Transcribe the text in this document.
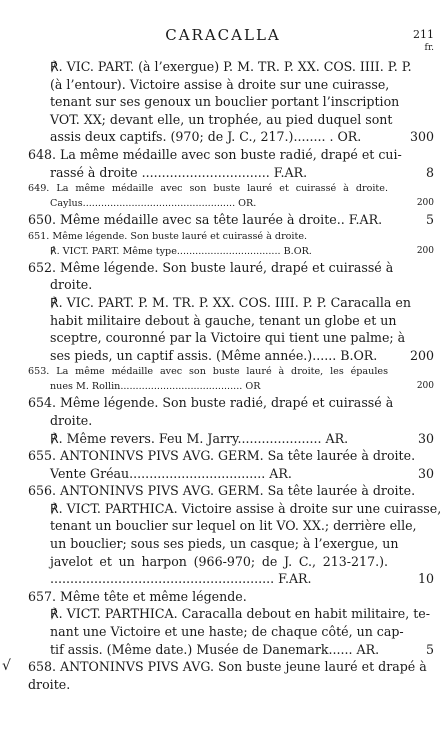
CARACALLA	211
fr.
℟. VIC. PART. (à l’exergue) P. M. TR. P. XX. COS. IIII. P. P.
(à l’entour). Victoire assise à droite sur une cuirasse,
tenant sur ses genoux un bouclier portant l’inscription
VOT. XX; devant elle, un trophée, au pied duquel sont
assis deux captifs. (970; de J. C., 217.)........ . OR.	300
648. La même médaille avec son buste radié, drapé et cui-
rassé à droite ................................ F.AR.	8
649. La même médaille avec son buste lauré et cuirassé à droite.
Caylus.................................................. OR.	200
650. Même médaille avec sa tête laurée à droite.. F.AR.	5
651. Même légende. Son buste lauré et cuirassé à droite.
℟. VICT. PART. Même type.................................. B.OR.	200
652. Même légende. Son buste lauré, drapé et cuirassé à
droite.
℟. VIC. PART. P. M. TR. P. XX. COS. IIII. P. P. Caracalla en
habit militaire debout à gauche, tenant un globe et un
sceptre, couronné par la Victoire qui tient une palme; à
ses pieds, un captif assis. (Même année.)...... B.OR.	200
653. La même médaille avec son buste lauré à droite, les épaules
nues M. Rollin........................................ OR	200
654. Même légende. Son buste radié, drapé et cuirassé à
droite.
℟. Même revers. Feu M. Jarry..................... AR.	30
655. ANTONINVS PIVS AVG. GERM. Sa tête laurée à droite.
Vente Gréau.................................. AR.	30
656. ANTONINVS PIVS AVG. GERM. Sa tête laurée à droite.
℟. VICT. PARTHICA. Victoire assise à droite sur une cuirasse,
tenant un bouclier sur lequel on lit VO. XX.; derrière elle,
un bouclier; sous ses pieds, un casque; à l’exergue, un
javelot et un harpon (966-970; de J. C., 213-217.).
........................................................ F.AR.	10
657. Même tête et même légende.
℟. VICT. PARTHICA. Caracalla debout en habit militaire, te-
nant une Victoire et une haste; de chaque côté, un cap-
tif assis. (Même date.) Musée de Danemark...... AR.	5
√	658. ANTONINVS PIVS AVG. Son buste jeune lauré et drapé à
droite.
